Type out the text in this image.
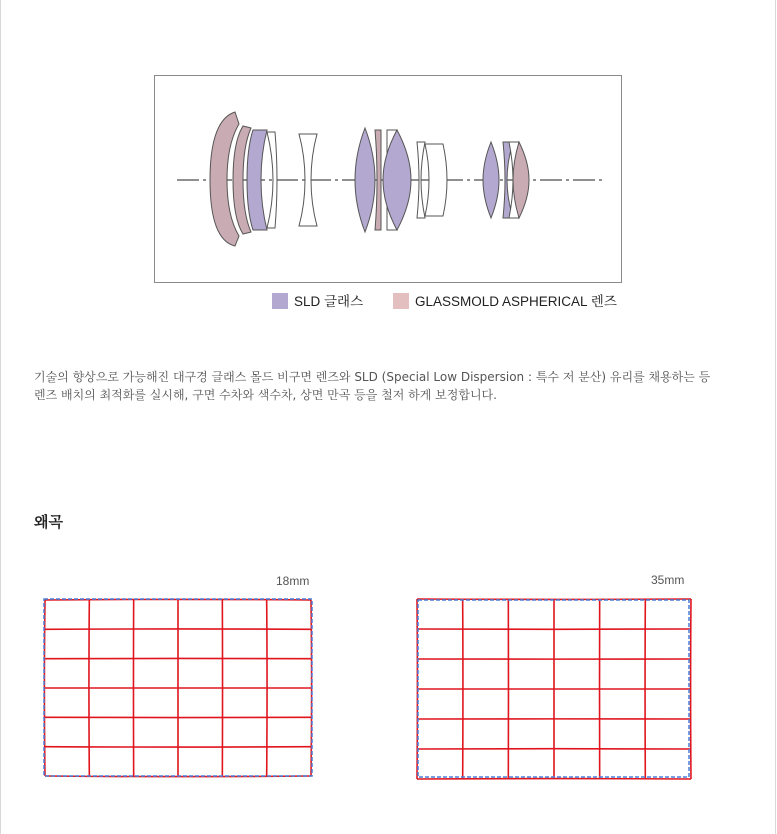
SLD 글래스	GLASSMOLD ASPHERICAL 렌즈

기술의 향상으로 가능해진 대구경 글래스 몰드 비구면 렌즈와 SLD (Special Low Dispersion : 특수 저 분산) 유리를 채용하는 등

렌즈 배치의 최적화를 실시해, 구면 수차와 색수차, 상면 만곡 등을 철저 하게 보정합니다.

왜곡
18mm	35mm
